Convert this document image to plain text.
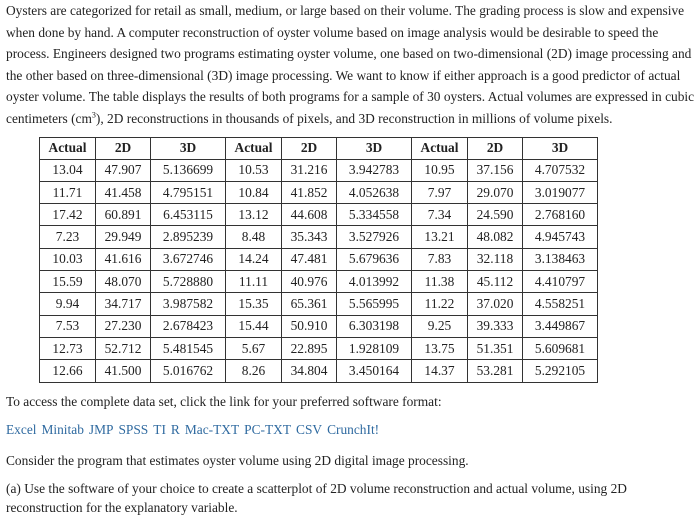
Oysters are categorized for retail as small, medium, or large based on their volume. The grading process is slow and expensive when done by hand. A computer reconstruction of oyster volume based on image analysis would be desirable to speed the process. Engineers designed two programs estimating oyster volume, one based on two-dimensional (2D) image processing and the other based on three-dimensional (3D) image processing. We want to know if either approach is a good predictor of actual oyster volume. The table displays the results of both programs for a sample of 30 oysters. Actual volumes are expressed in cubic centimeters $(cm^3)$, 2D reconstructions in thousands of pixels, and 3D reconstruction in millions of volume pixels.

Actual	2D	3D	Actual	2D	3D	Actual	2D	3D
13.04	47.907	5.136699	10.53	31.216	3.942783	10.95	37.156	4.707532
11.71	41.458	4.795151	10.84	41.852	4.052638	7.97	29.070	3.019077
17.42	60.891	6.453115	13.12	44.608	5.334558	7.34	24.590	2.768160
7.23	29.949	2.895239	8.48	35.343	3.527926	13.21	48.082	4.945743
10.03	41.616	3.672746	14.24	47.481	5.679636	7.83	32.118	3.138463
15.59	48.070	5.728880	11.11	40.976	4.013992	11.38	45.112	4.410797
9.94	34.717	3.987582	15.35	65.361	5.565995	11.22	37.020	4.558251
7.53	27.230	2.678423	15.44	50.910	6.303198	9.25	39.333	3.449867
12.73	52.712	5.481545	5.67	22.895	1.928109	13.75	51.351	5.609681
12.66	41.500	5.016762	8.26	34.804	3.450164	14.37	53.281	5.292105

To access the complete data set, click the link for your preferred software format:

Excel Minitab JMP SPSS TI R Mac-TXT PC-TXT CSV CrunchIt!

Consider the program that estimates oyster volume using 2D digital image processing.

(a) Use the software of your choice to create a scatterplot of 2D volume reconstruction and actual volume, using 2D reconstruction for the explanatory variable.
